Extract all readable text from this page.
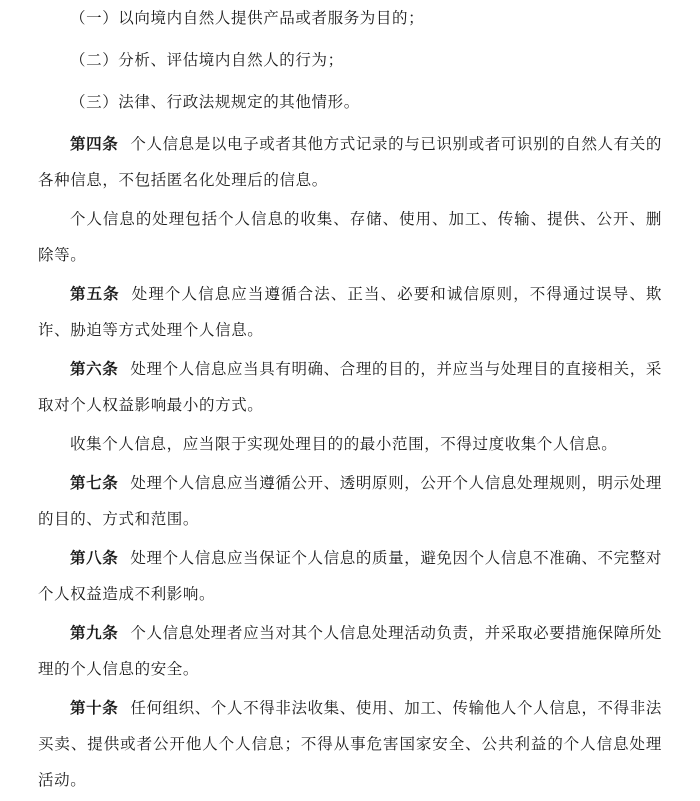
（一）以向境内自然人提供产品或者服务为目的；

（二）分析、评估境内自然人的行为；

（三）法律、行政法规规定的其他情形。

第四条 个人信息是以电子或者其他方式记录的与已识别或者可识别的自然人有关的各种信息，不包括匿名化处理后的信息。

个人信息的处理包括个人信息的收集、存储、使用、加工、传输、提供、公开、删除等。

第五条 处理个人信息应当遵循合法、正当、必要和诚信原则，不得通过误导、欺诈、胁迫等方式处理个人信息。

第六条 处理个人信息应当具有明确、合理的目的，并应当与处理目的直接相关，采取对个人权益影响最小的方式。

收集个人信息，应当限于实现处理目的的最小范围，不得过度收集个人信息。

第七条 处理个人信息应当遵循公开、透明原则，公开个人信息处理规则，明示处理的目的、方式和范围。

第八条 处理个人信息应当保证个人信息的质量，避免因个人信息不准确、不完整对个人权益造成不利影响。

第九条 个人信息处理者应当对其个人信息处理活动负责，并采取必要措施保障所处理的个人信息的安全。

第十条 任何组织、个人不得非法收集、使用、加工、传输他人个人信息，不得非法买卖、提供或者公开他人个人信息；不得从事危害国家安全、公共利益的个人信息处理活动。
